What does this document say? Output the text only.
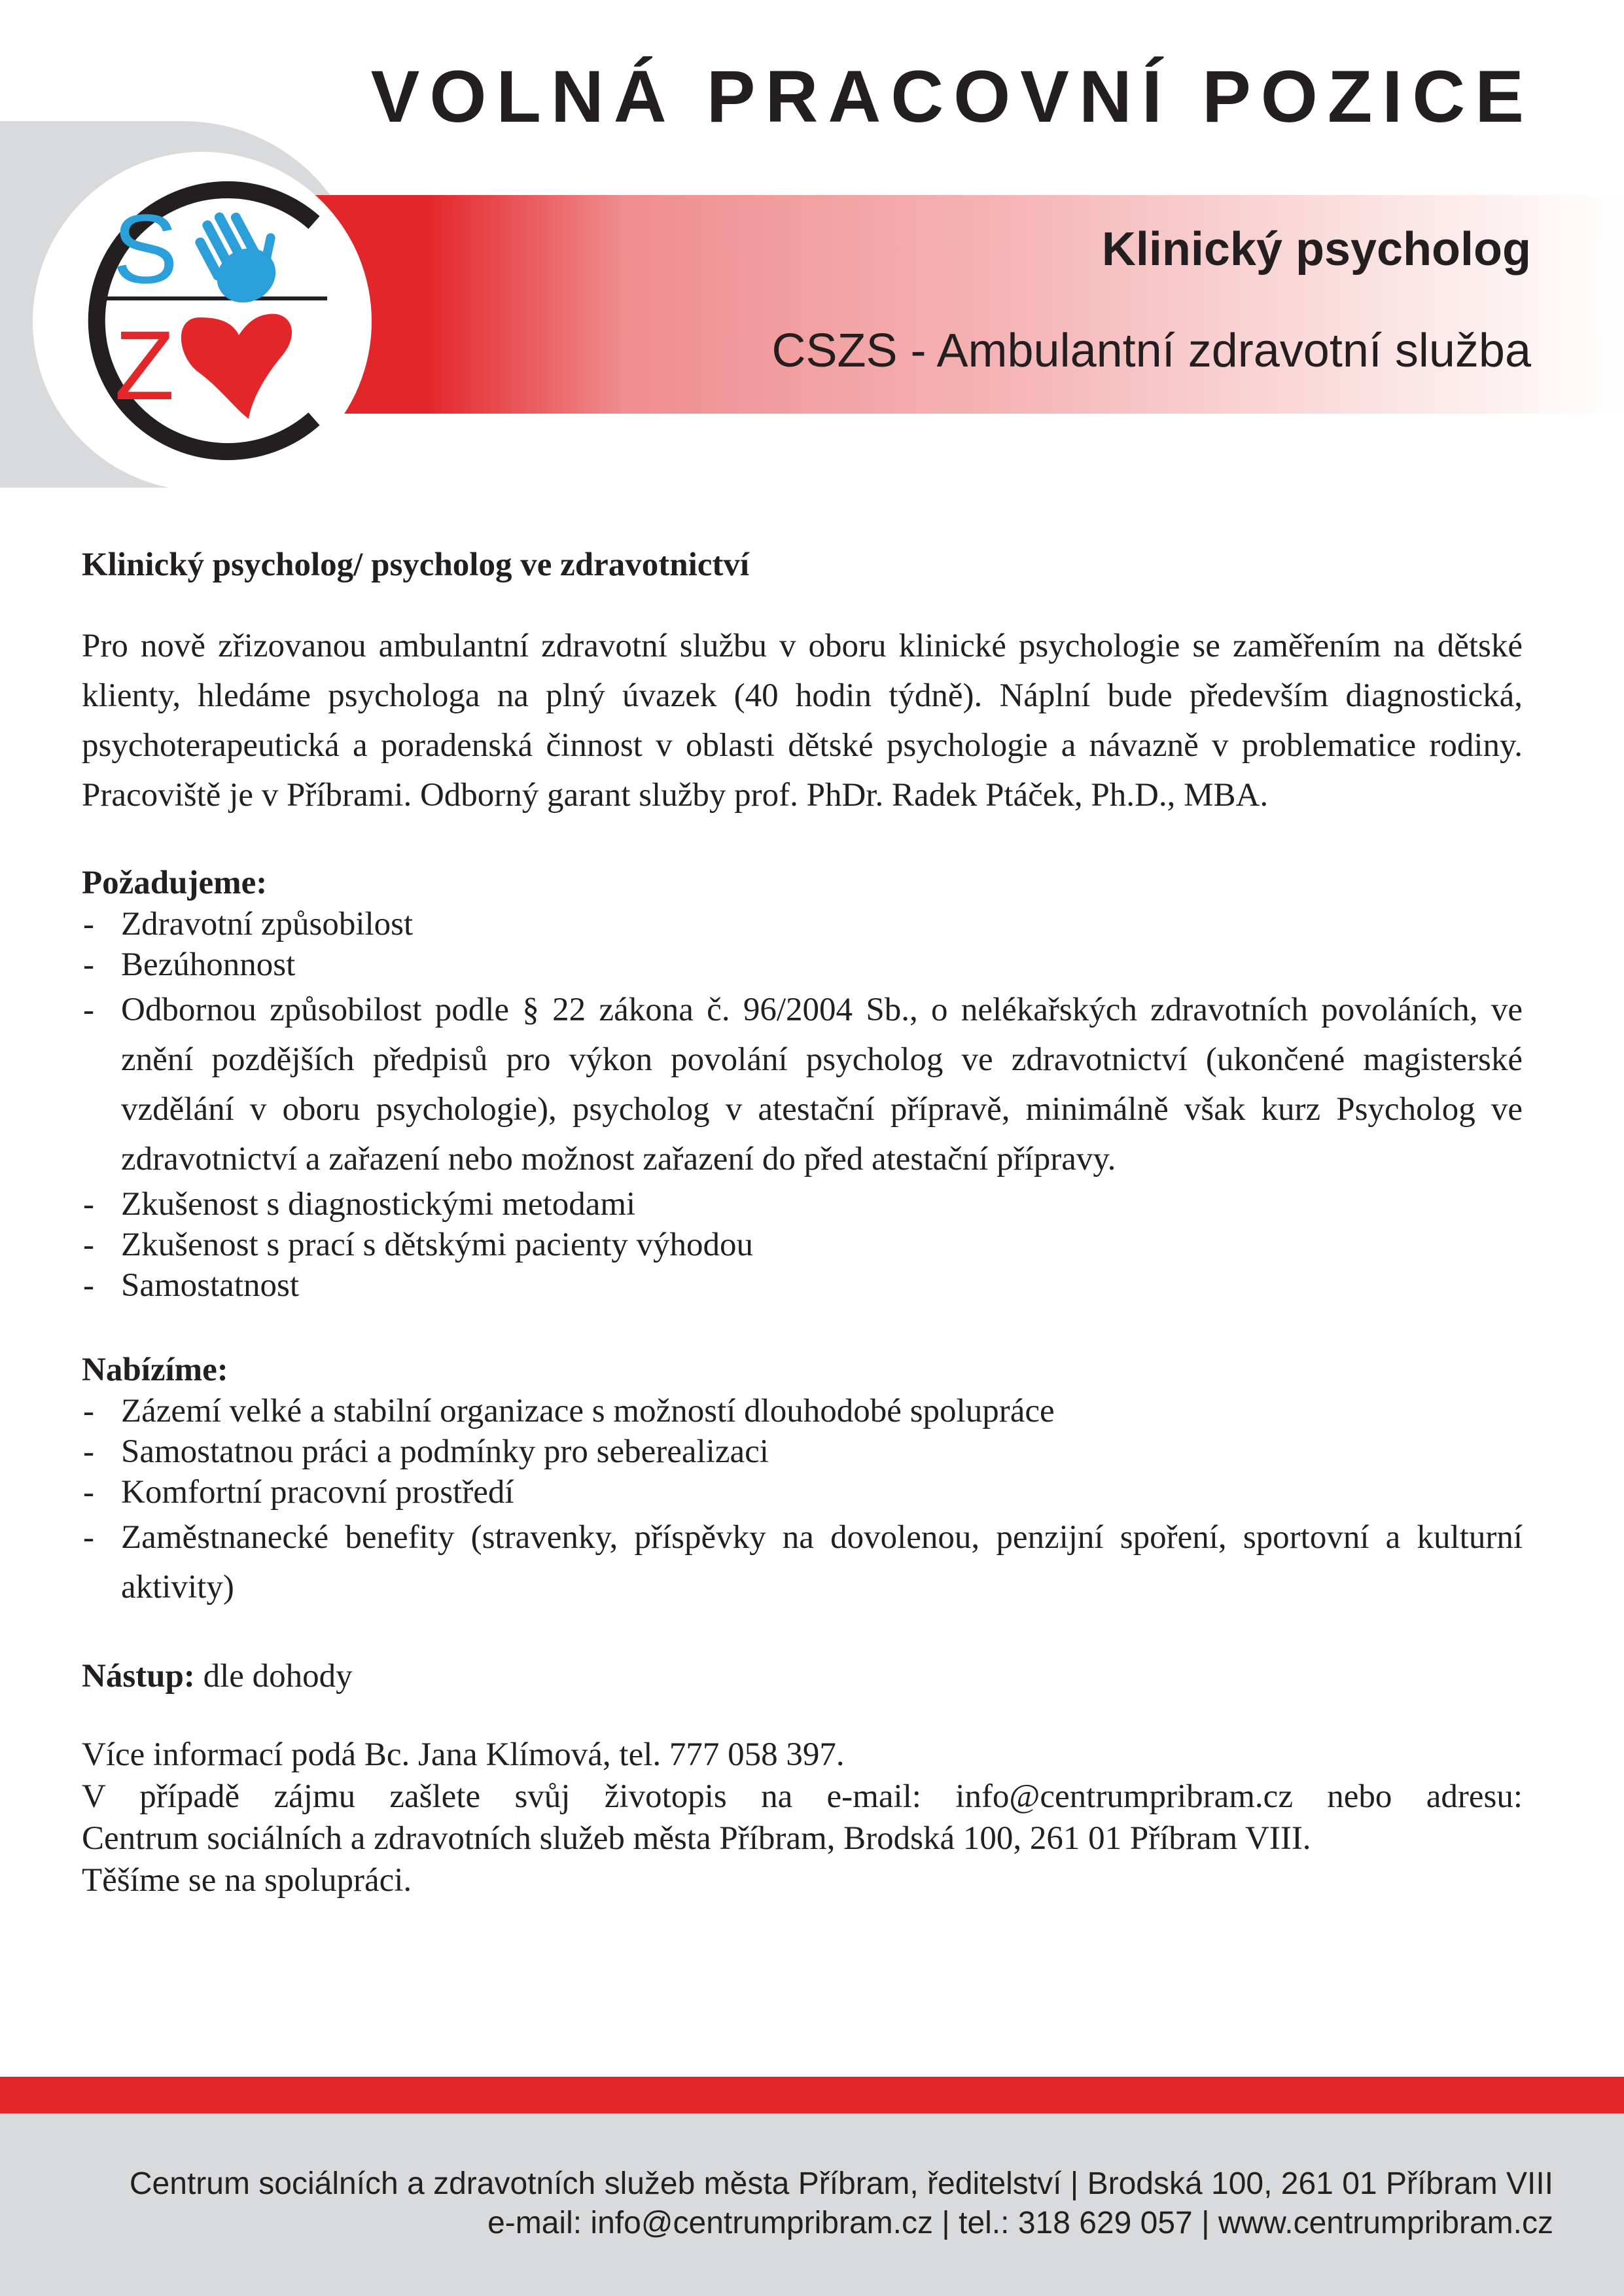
VOLNÁ PRACOVNÍ POZICE
S
Z
Klinický psycholog
CSZS - Ambulantní zdravotní služba

Klinický psycholog/ psycholog ve zdravotnictví

Pro nově zřizovanou ambulantní zdravotní službu v oboru klinické psychologie se zaměřením na dětské klienty, hledáme psychologa na plný úvazek (40 hodin týdně). Náplní bude především diagnostická, psychoterapeutická a poradenská činnost v oblasti dětské psychologie a návazně v problematice rodiny. Pracoviště je v Příbrami. Odborný garant služby prof. PhDr. Radek Ptáček, Ph.D., MBA.

Požadujeme:

- Zdravotní způsobilost
- Bezúhonnost
- Odbornou způsobilost podle § 22 zákona č. 96/2004 Sb., o nelékařských zdravotních povoláních, ve znění pozdějších předpisů pro výkon povolání psycholog ve zdravotnictví (ukončené magisterské vzdělání v oboru psychologie), psycholog v atestační přípravě, minimálně však kurz Psycholog ve zdravotnictví a zařazení nebo možnost zařazení do před atestační přípravy.
- Zkušenost s diagnostickými metodami
- Zkušenost s prací s dětskými pacienty výhodou
- Samostatnost

Nabízíme:

- Zázemí velké a stabilní organizace s možností dlouhodobé spolupráce
- Samostatnou práci a podmínky pro seberealizaci
- Komfortní pracovní prostředí
- Zaměstnanecké benefity (stravenky, příspěvky na dovolenou, penzijní spoření, sportovní a kulturní aktivity)

Nástup: dle dohody

Více informací podá Bc. Jana Klímová, tel. 777 058 397.

V případě zájmu zašlete svůj životopis na e-mail: info@centrumpribram.cz nebo adresu:

Centrum sociálních a zdravotních služeb města Příbram, Brodská 100, 261 01 Příbram VIII.

Těšíme se na spolupráci.

Centrum sociálních a zdravotních služeb města Příbram, ředitelství | Brodská 100, 261 01 Příbram VIII
e-mail: info@centrumpribram.cz | tel.: 318 629 057 | www.centrumpribram.cz
